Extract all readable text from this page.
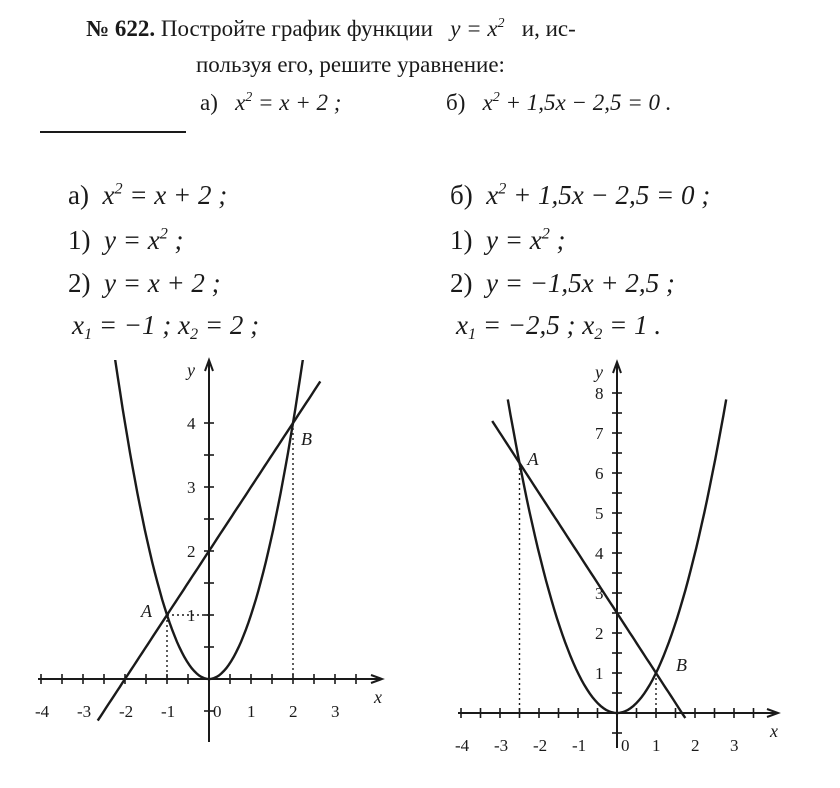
№ 622. Постройте график функции $y = x^2$ и, ис-
пользуя его, решите уравнение:
а) $x^2 = x + 2$ ;	б) $x^2 + 1,5x - 2,5 = 0$ .
а) $x^2 = x + 2$ ;
1) $y = x^2$ ;
2) y = x + 2 ;
$x_1 = -1$ ; $x_2 = 2$ ;
б) $x^2 + 1,5x - 2,5 = 0$ ;
1) $y = x^2$ ;
2) y = −1,5x + 2,5 ;
$x_1 = -2,5$ ; $x_2 = 1$ .
-4 -3 -2 -1 0 1 2 3
1
2
3
4
x
y
A
B
-4 -3 -2 -1 0 1 2 3
1
2
3
4
5
6
7
8
x
y
A
B
